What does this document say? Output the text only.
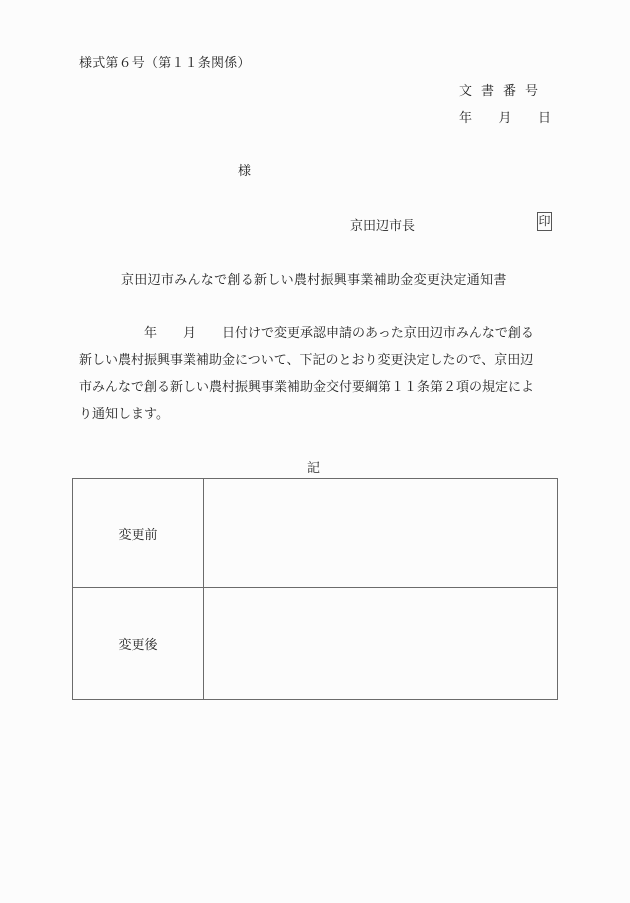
様式第６号（第１１条関係）
文書番号
年 月 日
様
京田辺市長	印
京田辺市みんなで創る新しい農村振興事業補助金変更決定通知書
　　　　　年　　月　　日付けで変更承認申請のあった京田辺市みんなで創る
新しい農村振興事業補助金について、下記のとおり変更決定したので、京田辺
市みんなで創る新しい農村振興事業補助金交付要綱第１１条第２項の規定によ
り通知します。
記
変更前	
変更後	
